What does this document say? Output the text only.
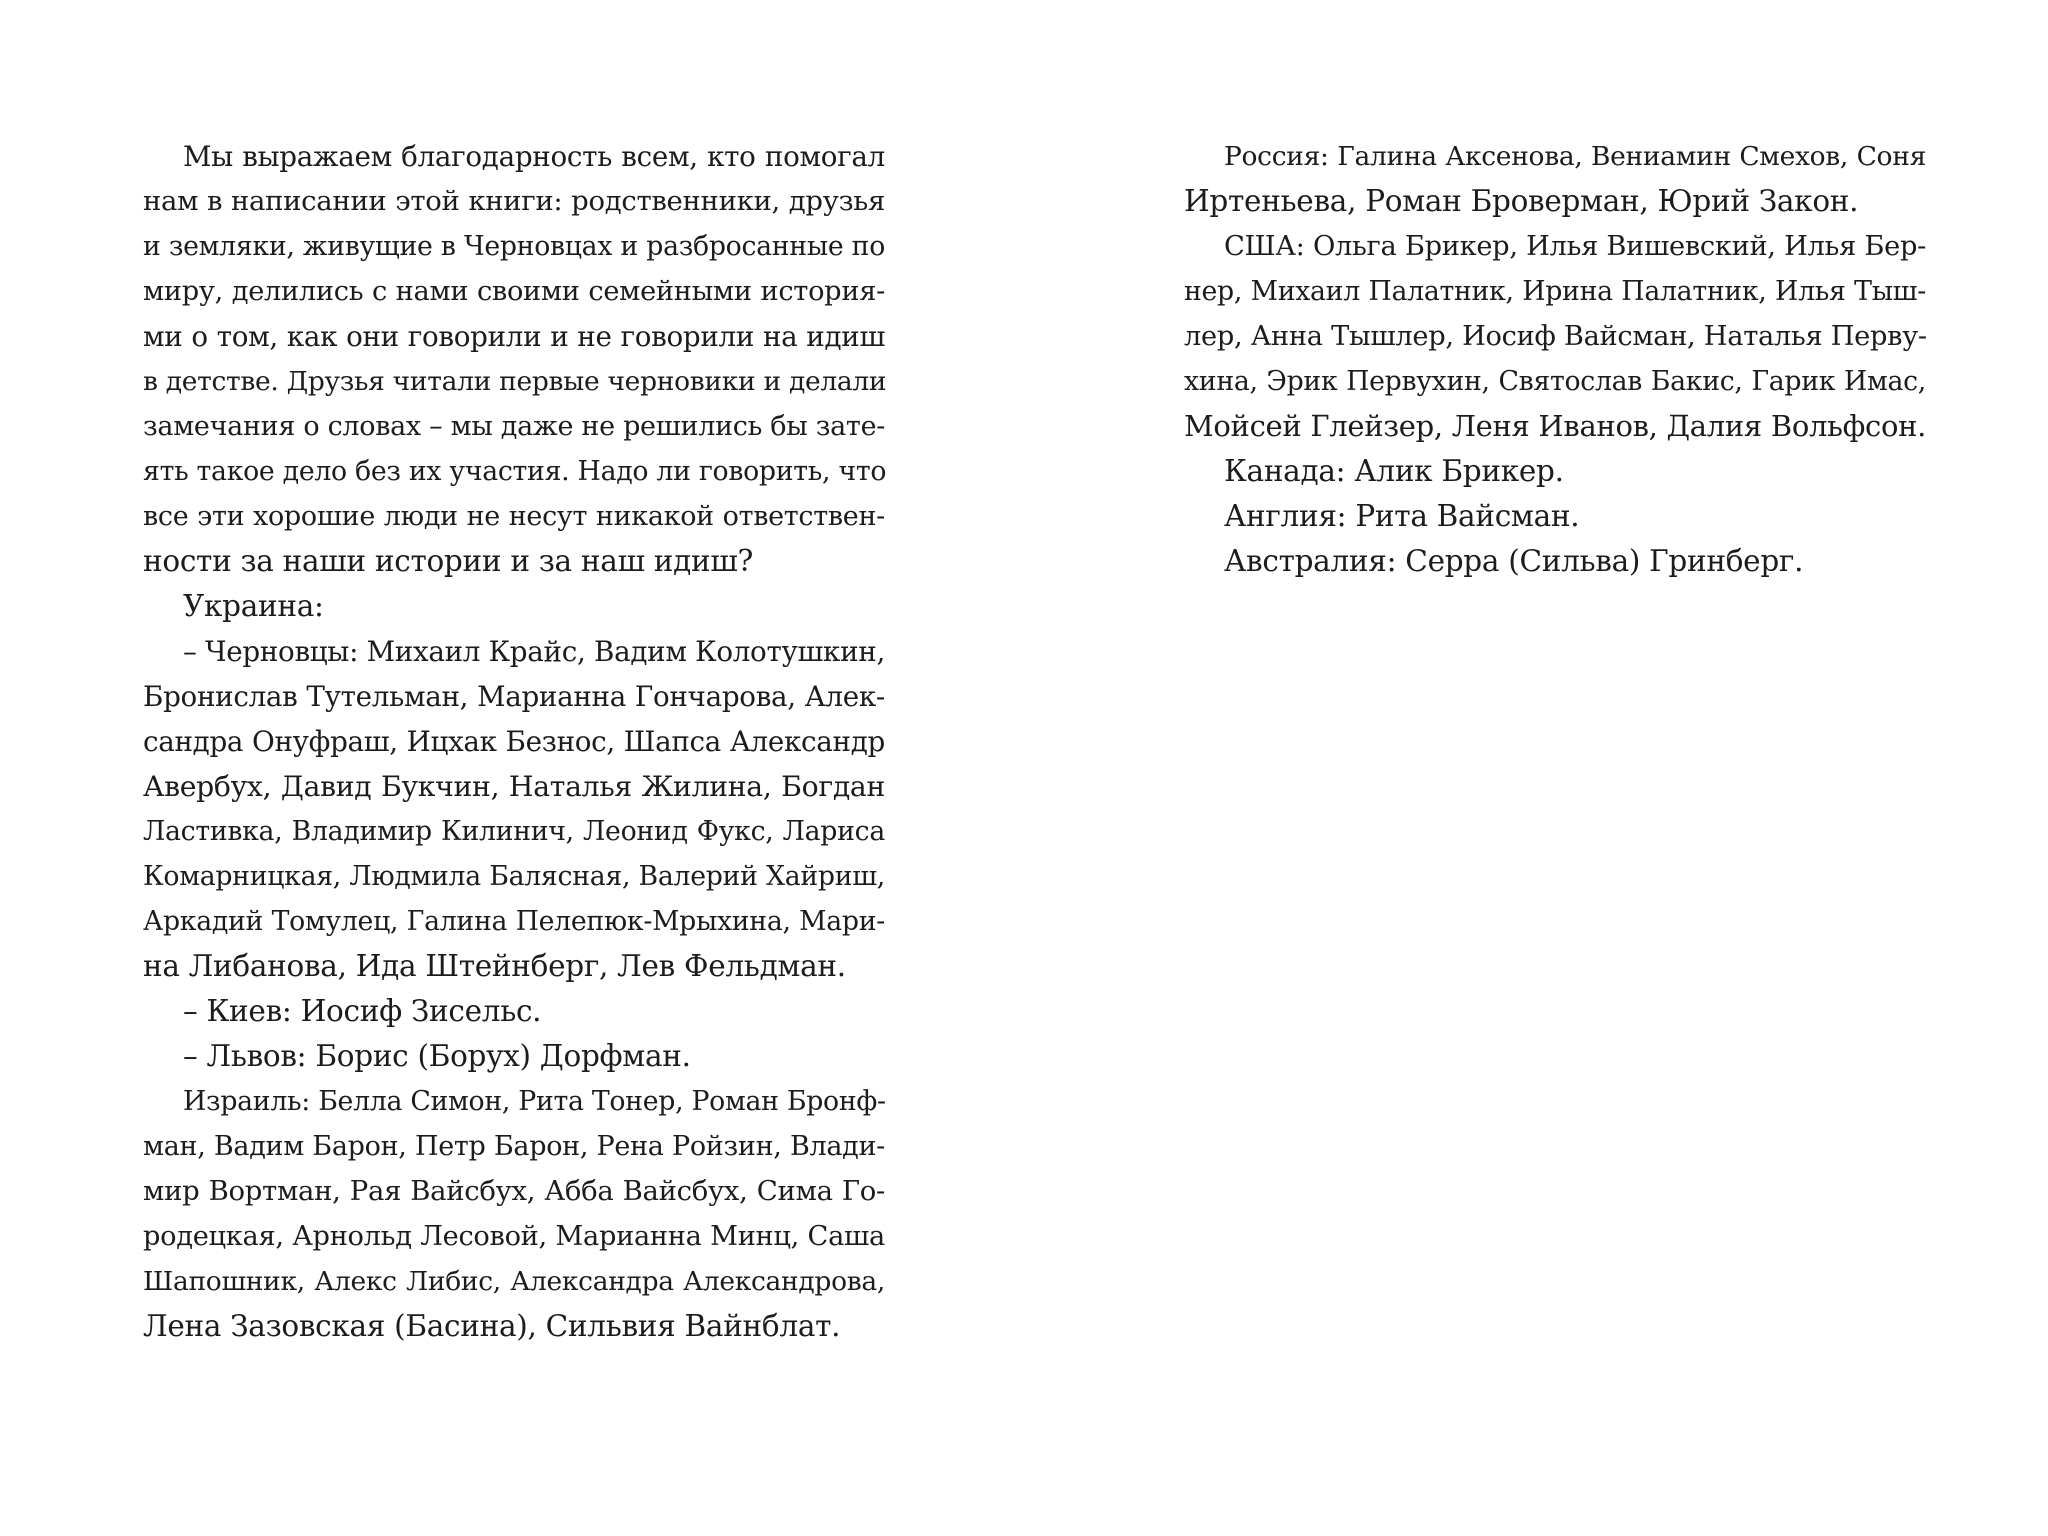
Мы выражаем благодарность всем, кто помогал
нам в написании этой книги: родственники, друзья
и земляки, живущие в Черновцах и разбросанные по
миру, делились с нами своими семейными история-
ми о том, как они говорили и не говорили на идиш
в детстве. Друзья читали первые черновики и делали
замечания о словах – мы даже не решились бы зате-
ять такое дело без их участия. Надо ли говорить, что
все эти хорошие люди не несут никакой ответствен-
ности за наши истории и за наш идиш?
Украина:
– Черновцы: Михаил Крайс, Вадим Колотушкин,
Бронислав Тутельман, Марианна Гончарова, Алек-
сандра Онуфраш, Ицхак Безнос, Шапса Александр
Авербух, Давид Букчин, Наталья Жилина, Богдан
Ластивка, Владимир Килинич, Леонид Фукс, Лариса
Комарницкая, Людмила Балясная, Валерий Хайриш,
Аркадий Томулец, Галина Пелепюк-Мрыхина, Мари-
на Либанова, Ида Штейнберг, Лев Фельдман.
– Киев: Иосиф Зисельс.
– Львов: Борис (Борух) Дорфман.
Израиль: Белла Симон, Рита Тонер, Роман Бронф-
ман, Вадим Барон, Петр Барон, Рена Ройзин, Влади-
мир Вортман, Рая Вайсбух, Абба Вайсбух, Сима Го-
родецкая, Арнольд Лесовой, Марианна Минц, Саша
Шапошник, Алекс Либис, Александра Александрова,
Лена Зазовская (Басина), Сильвия Вайнблат.
Россия: Галина Аксенова, Вениамин Смехов, Соня
Иртеньева, Роман Броверман, Юрий Закон.
США: Ольга Брикер, Илья Вишевский, Илья Бер-
нер, Михаил Палатник, Ирина Палатник, Илья Тыш-
лер, Анна Тышлер, Иосиф Вайсман, Наталья Перву-
хина, Эрик Первухин, Святослав Бакис, Гарик Имас,
Мойсей Глейзер, Леня Иванов, Далия Вольфсон.
Канада: Алик Брикер.
Англия: Рита Вайсман.
Австралия: Серра (Сильва) Гринберг.
